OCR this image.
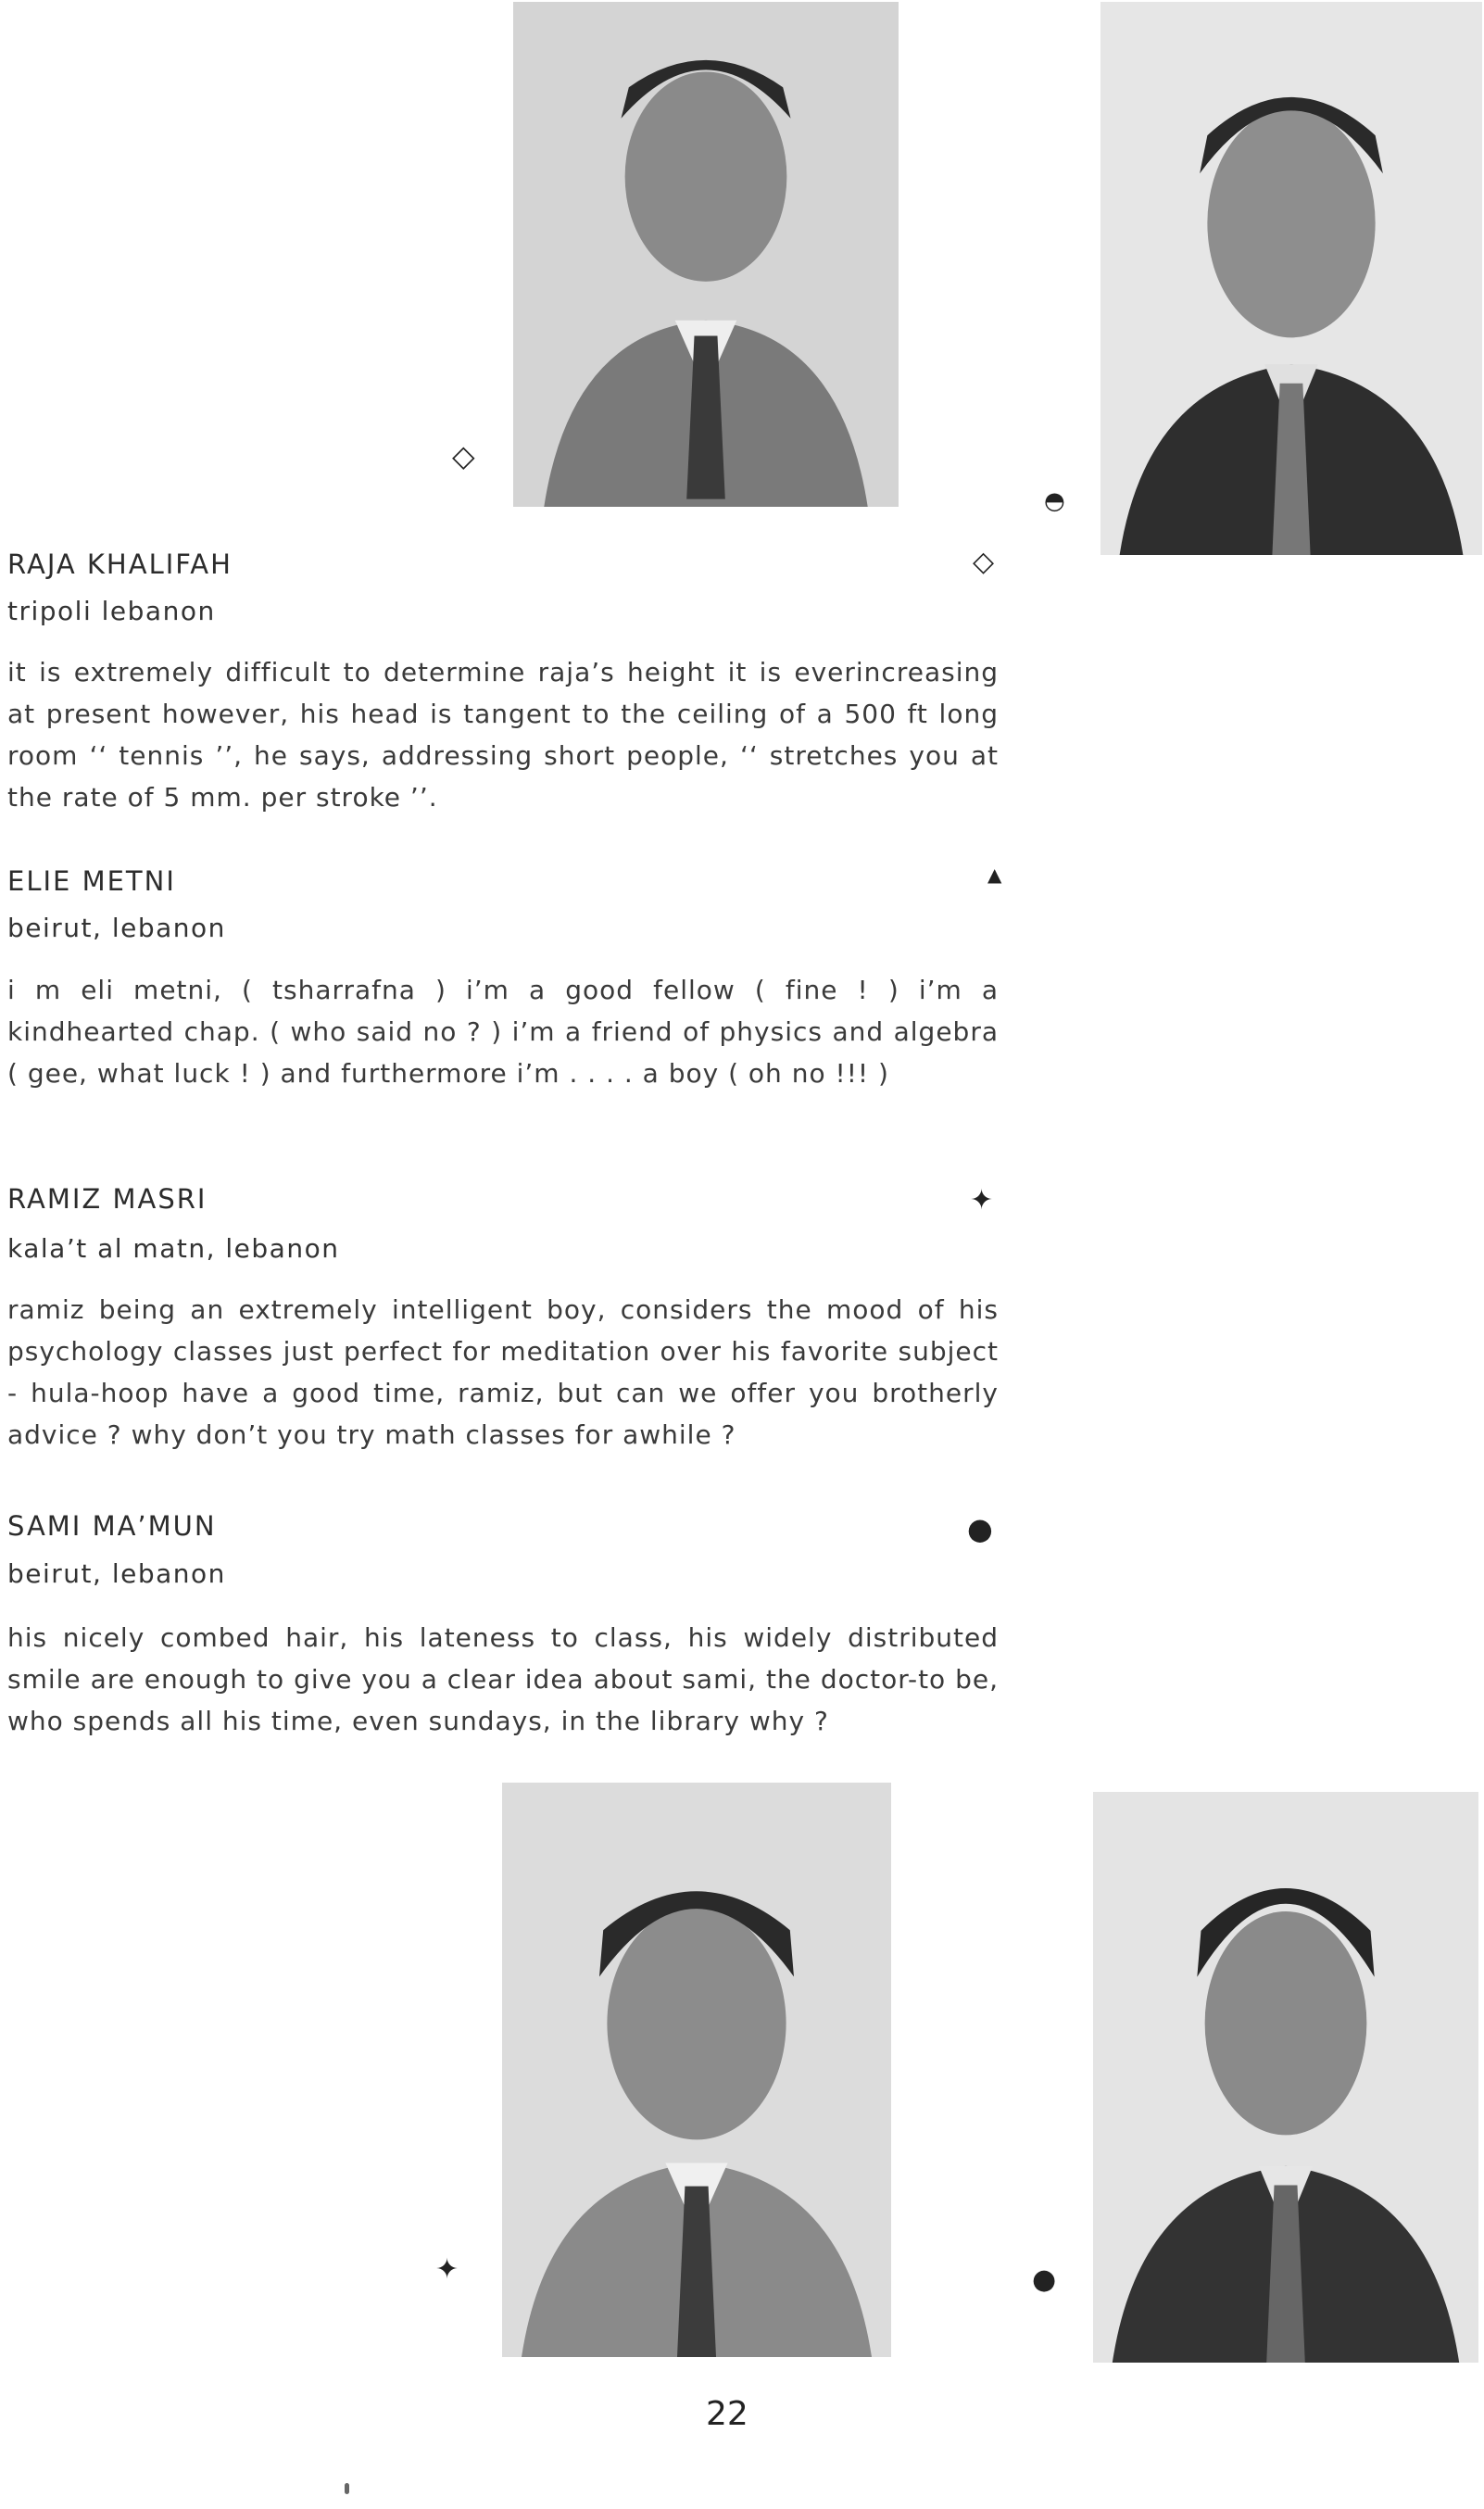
◇
◓
✦	●
RAJA KHALIFAH	◇
tripoli lebanon

it is extremely difficult to determine raja’s height it is everincreasing at present however, his head is tangent to the ceiling of a 500 ft long room ‘‘ tennis ’’, he says, addressing short people, ‘‘ stretches you at the rate of 5 mm. per stroke ’’.

ELIE METNI	▲
beirut, lebanon

i m eli metni, ( tsharrafna ) i’m a good fellow ( fine ! ) i’m a kindhearted chap. ( who said no ? ) i’m a friend of physics and algebra ( gee, what luck ! ) and furthermore i’m . . . . a boy ( oh no !!! )

RAMIZ MASRI	✦
kala’t al matn, lebanon

ramiz being an extremely intelligent boy, considers the mood of his psychology classes just perfect for meditation over his favorite subject - hula-hoop have a good time, ramiz, but can we offer you brotherly advice ? why don’t you try math classes for awhile ?

SAMI MA’MUN	●
beirut, lebanon

his nicely combed hair, his lateness to class, his widely distributed smile are enough to give you a clear idea about sami, the doctor-to be, who spends all his time, even sundays, in the library why ?

22
